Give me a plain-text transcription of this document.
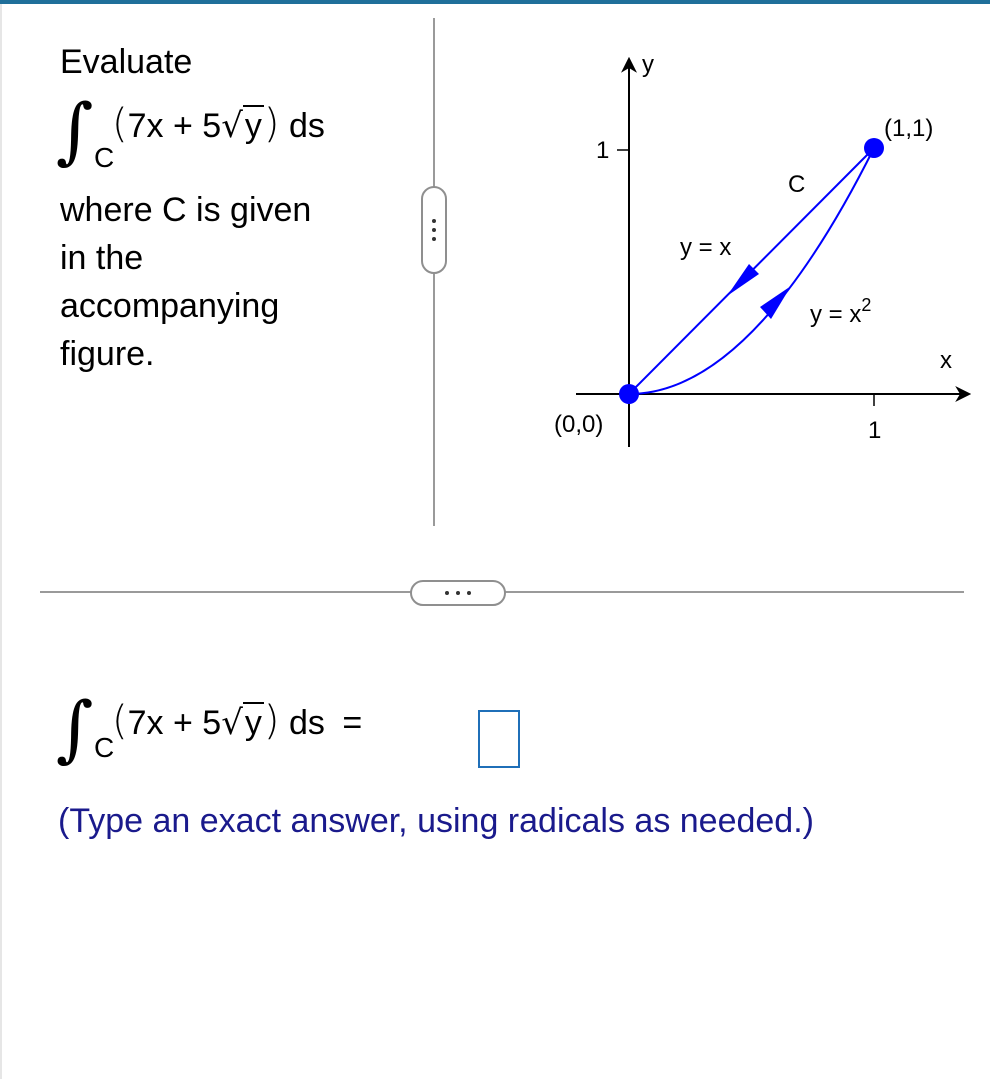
Evaluate
∫ C
(7x + 5√y) ds
where C is given
in the
accompanying
figure.
y
x
1
1
(0,0)
(1,1)
C
y = x
$y = x^2$
∫ C
(7x + 5√y) ds =
(Type an exact answer, using radicals as needed.)
